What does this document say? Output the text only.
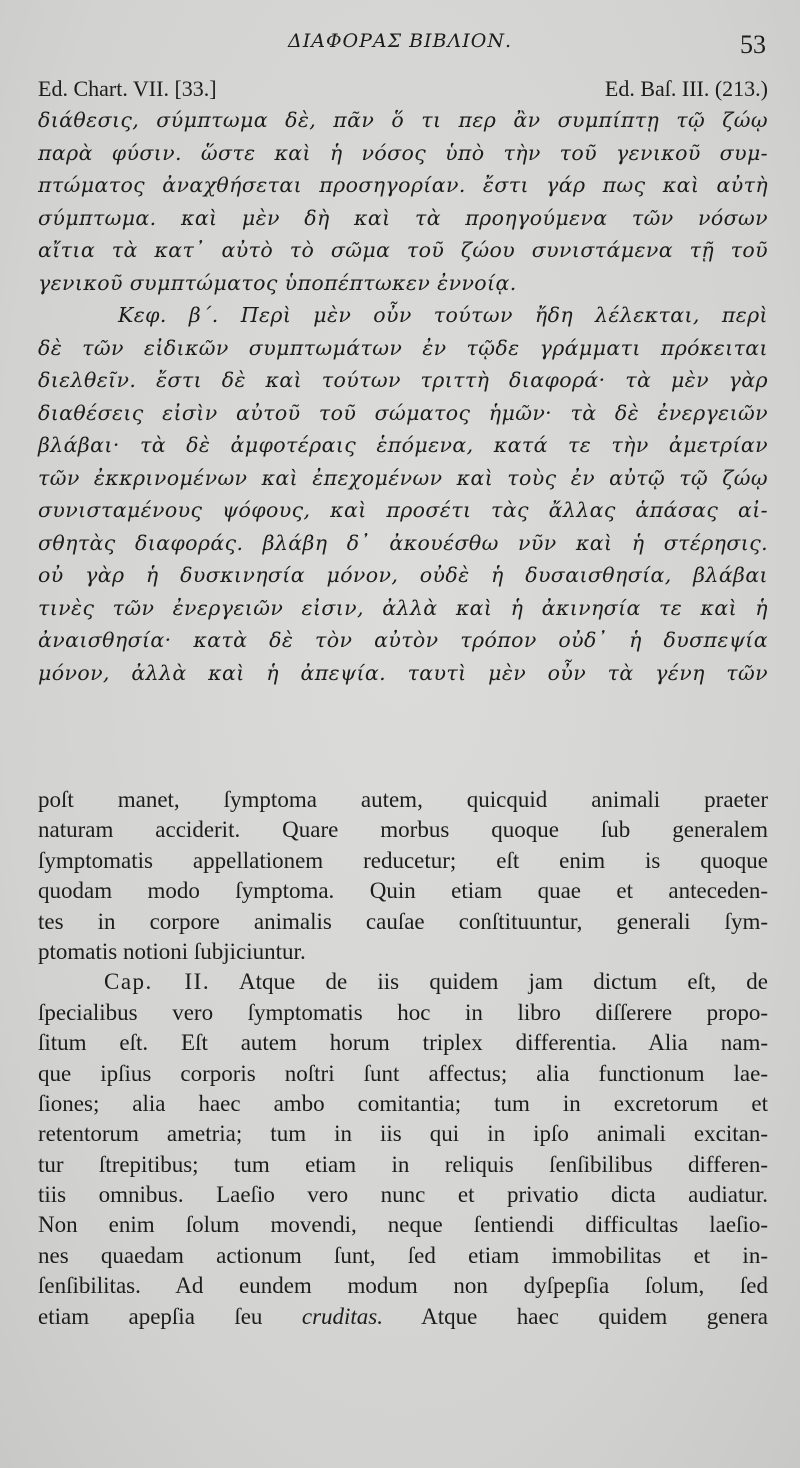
ΔΙΑΦΟΡΑΣ ΒΙΒΛΙΟΝ.	53
Ed. Chart. VII. [33.]	Ed. Baſ. III. (213.)
διάθεσις, σύμπτωμα δὲ, πᾶν ὅ τι περ ἂν συμπίπτῃ τῷ ζώῳ
παρὰ φύσιν. ὥστε καὶ ἡ νόσος ὑπὸ τὴν τοῦ γενικοῦ συμ-
πτώματος ἀναχθήσεται προσηγορίαν. ἔστι γάρ πως καὶ αὐτὴ
σύμπτωμα. καὶ μὲν δὴ καὶ τὰ προηγούμενα τῶν νόσων
αἴτια τὰ κατ᾽ αὐτὸ τὸ σῶμα τοῦ ζώου συνιστάμενα τῇ τοῦ
γενικοῦ συμπτώματος ὑποπέπτωκεν ἐννοίᾳ.
Κεφ. β΄. Περὶ μὲν οὖν τούτων ἤδη λέλεκται, περὶ
δὲ τῶν εἰδικῶν συμπτωμάτων ἐν τῷδε γράμματι πρόκειται
διελθεῖν. ἔστι δὲ καὶ τούτων τριττὴ διαφορά· τὰ μὲν γὰρ
διαθέσεις εἰσὶν αὐτοῦ τοῦ σώματος ἡμῶν· τὰ δὲ ἐνεργειῶν
βλάβαι· τὰ δὲ ἀμφοτέραις ἑπόμενα, κατά τε τὴν ἀμετρίαν
τῶν ἐκκρινομένων καὶ ἐπεχομένων καὶ τοὺς ἐν αὐτῷ τῷ ζώῳ
συνισταμένους ψόφους, καὶ προσέτι τὰς ἄλλας ἁπάσας αἰ-
σθητὰς διαφοράς. βλάβη δ᾽ ἀκουέσθω νῦν καὶ ἡ στέρησις.
οὐ γὰρ ἡ δυσκινησία μόνον, οὐδὲ ἡ δυσαισθησία, βλάβαι
τινὲς τῶν ἐνεργειῶν εἰσιν, ἀλλὰ καὶ ἡ ἀκινησία τε καὶ ἡ
ἀναισθησία· κατὰ δὲ τὸν αὐτὸν τρόπον οὐδ᾽ ἡ δυσπεψία
μόνον, ἀλλὰ καὶ ἡ ἀπεψία. ταυτὶ μὲν οὖν τὰ γένη τῶν
poſt manet, ſymptoma autem, quicquid animali praeter
naturam acciderit. Quare morbus quoque ſub generalem
ſymptomatis appellationem reducetur; eſt enim is quoque
quodam modo ſymptoma. Quin etiam quae et anteceden-
tes in corpore animalis cauſae conſtituuntur, generali ſym-
ptomatis notioni ſubjiciuntur.
Cap. II. Atque de iis quidem jam dictum eſt, de
ſpecialibus vero ſymptomatis hoc in libro diſſerere propo-
ſitum eſt. Eſt autem horum triplex differentia. Alia nam-
que ipſius corporis noſtri ſunt affectus; alia functionum lae-
ſiones; alia haec ambo comitantia; tum in excretorum et
retentorum ametria; tum in iis qui in ipſo animali excitan-
tur ſtrepitibus; tum etiam in reliquis ſenſibilibus differen-
tiis omnibus. Laeſio vero nunc et privatio dicta audiatur.
Non enim ſolum movendi, neque ſentiendi difficultas laeſio-
nes quaedam actionum ſunt, ſed etiam immobilitas et in-
ſenſibilitas. Ad eundem modum non dyſpepſia ſolum, ſed
etiam apepſia ſeu cruditas. Atque haec quidem genera
